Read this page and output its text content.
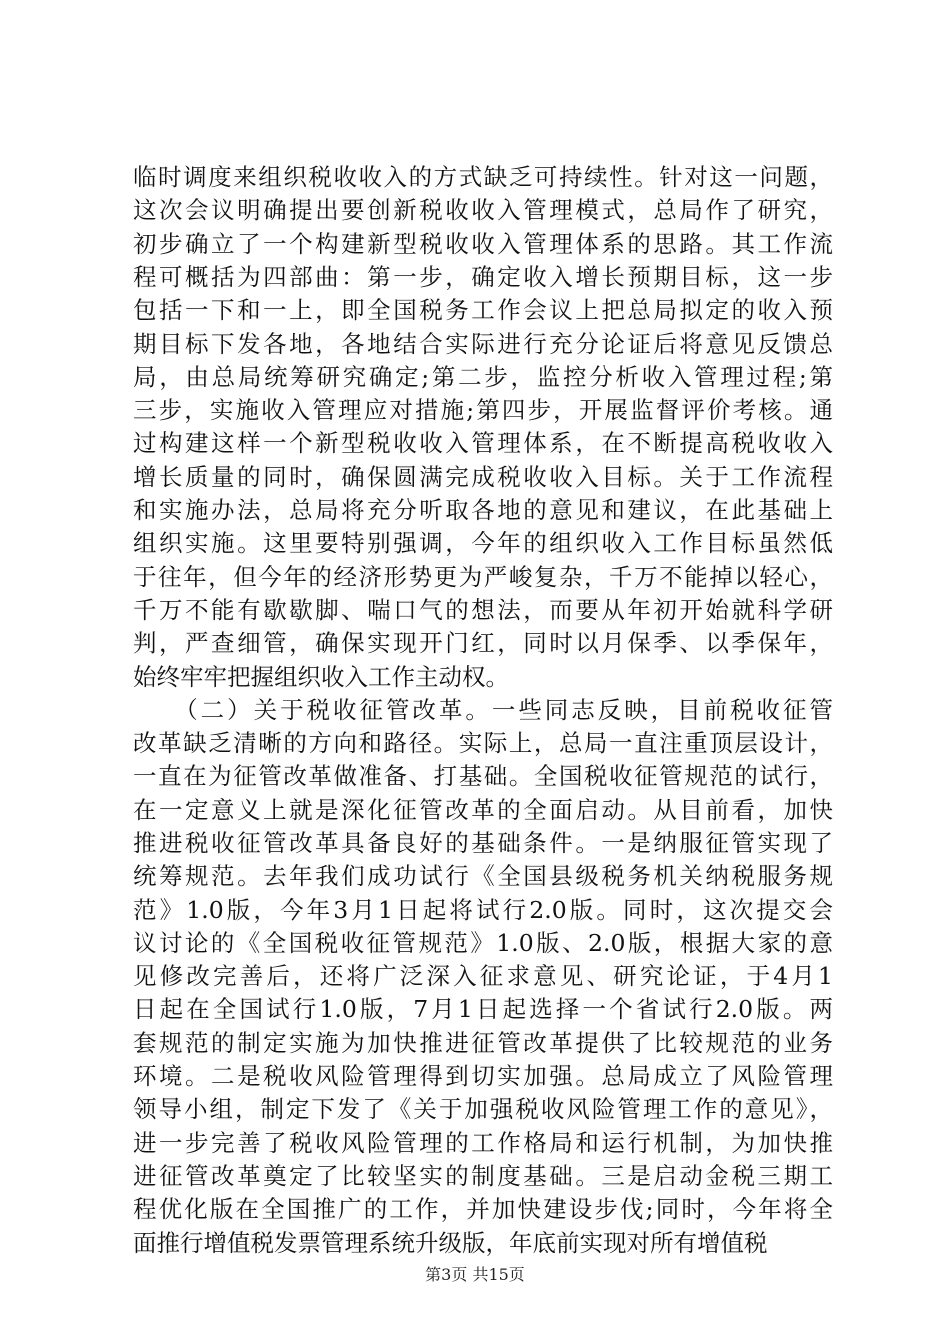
临时调度来组织税收收入的方式缺乏可持续性。针对这一问题，
这次会议明确提出要创新税收收入管理模式，总局作了研究，
初步确立了一个构建新型税收收入管理体系的思路。其工作流
程可概括为四部曲：第一步，确定收入增长预期目标，这一步
包括一下和一上，即全国税务工作会议上把总局拟定的收入预
期目标下发各地，各地结合实际进行充分论证后将意见反馈总
局，由总局统筹研究确定;第二步，监控分析收入管理过程;第
三步，实施收入管理应对措施;第四步，开展监督评价考核。通
过构建这样一个新型税收收入管理体系，在不断提高税收收入
增长质量的同时，确保圆满完成税收收入目标。关于工作流程
和实施办法，总局将充分听取各地的意见和建议，在此基础上
组织实施。这里要特别强调，今年的组织收入工作目标虽然低
于往年，但今年的经济形势更为严峻复杂，千万不能掉以轻心，
千万不能有歇歇脚、喘口气的想法，而要从年初开始就科学研
判，严查细管，确保实现开门红，同时以月保季、以季保年，
始终牢牢把握组织收入工作主动权。
　　（二）关于税收征管改革。一些同志反映，目前税收征管
改革缺乏清晰的方向和路径。实际上，总局一直注重顶层设计，
一直在为征管改革做准备、打基础。全国税收征管规范的试行，
在一定意义上就是深化征管改革的全面启动。从目前看，加快
推进税收征管改革具备良好的基础条件。一是纳服征管实现了
统筹规范。去年我们成功试行《全国县级税务机关纳税服务规
范》1.0版，今年3月1日起将试行2.0版。同时，这次提交会
议讨论的《全国税收征管规范》1.0版、2.0版，根据大家的意
见修改完善后，还将广泛深入征求意见、研究论证，于4月1
日起在全国试行1.0版，7月1日起选择一个省试行2.0版。两
套规范的制定实施为加快推进征管改革提供了比较规范的业务
环境。二是税收风险管理得到切实加强。总局成立了风险管理
领导小组，制定下发了《关于加强税收风险管理工作的意见》，
进一步完善了税收风险管理的工作格局和运行机制，为加快推
进征管改革奠定了比较坚实的制度基础。三是启动金税三期工
程优化版在全国推广的工作，并加快建设步伐;同时，今年将全
面推行增值税发票管理系统升级版，年底前实现对所有增值税
第3页 共15页
